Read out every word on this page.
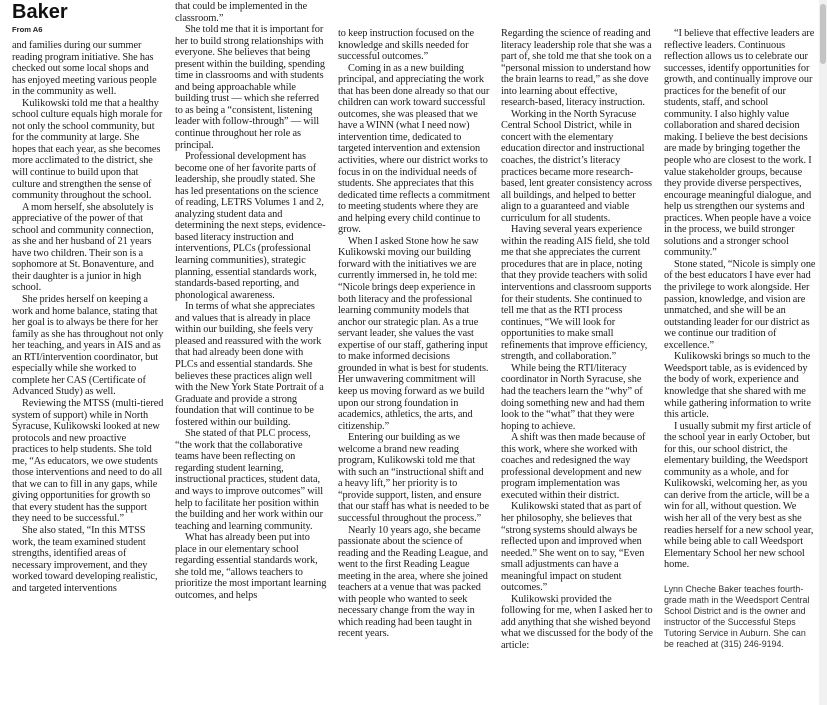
Baker
From A6

and families during our summer reading program initiative. She has checked out some local shops and has enjoyed meeting various people in the community as well.

Kulikowski told me that a healthy school culture equals high morale for not only the school community, but for the community at large. She hopes that each year, as she becomes more acclimated to the district, she will continue to build upon that culture and strengthen the sense of community throughout the school.

A mom herself, she absolutely is appreciative of the power of that school and community connection, as she and her husband of 21 years have two children. Their son is a sophomore at St. Bonaventure, and their daughter is a junior in high school.

She prides herself on keeping a work and home balance, stating that her goal is to always be there for her family as she has throughout not only her teaching, and years in AIS and as an RTI/intervention coordinator, but especially while she worked to complete her CAS (Certificate of Advanced Study) as well.

Reviewing the MTSS (multi-tiered system of support) while in North Syracuse, Kulikowski looked at new protocols and new proactive practices to help students. She told me, “As educators, we owe students those interventions and need to do all that we can to fill in any gaps, while giving opportunities for growth so that every student has the support they need to be successful.”

She also stated, “In this MTSS work, the team examined student strengths, identified areas of necessary improvement, and they worked toward developing realistic, and targeted interventions

that could be implemented in the classroom.”

She told me that it is important for her to build strong relationships with everyone. She believes that being present within the building, spending time in classrooms and with students and being approachable while building trust — which she referred to as being a “consistent, listening leader with follow-through” — will continue throughout her role as principal.

Professional development has become one of her favorite parts of leadership, she proudly stated. She has led presentations on the science of reading, LETRS Volumes 1 and 2, analyzing student data and determining the next steps, evidence-based literacy instruction and interventions, PLCs (professional learning communities), strategic planning, essential standards work, standards-based reporting, and phonological awareness.

In terms of what she appreciates and values that is already in place within our building, she feels very pleased and reassured with the work that had already been done with PLCs and essential standards. She believes these practices align well with the New York State Portrait of a Graduate and provide a strong foundation that will continue to be fostered within our building.

She stated of that PLC process, “the work that the collaborative teams have been reflecting on regarding student learning, instructional practices, student data, and ways to improve outcomes” will help to facilitate her position within the building and her work within our teaching and learning community.

What has already been put into place in our elementary school regarding essential standards work, she told me, “allows teachers to prioritize the most important learning outcomes, and helps

to keep instruction focused on the knowledge and skills needed for successful outcomes.”

Coming in as a new building principal, and appreciating the work that has been done already so that our children can work toward successful outcomes, she was pleased that we have a WINN (what I need now) intervention time, dedicated to targeted intervention and extension activities, where our district works to focus in on the individual needs of students. She appreciates that this dedicated time reflects a commitment to meeting students where they are and helping every child continue to grow.

When I asked Stone how he saw Kulikowski moving our building forward with the initiatives we are currently immersed in, he told me: “Nicole brings deep experience in both literacy and the professional learning community models that anchor our strategic plan. As a true servant leader, she values the vast expertise of our staff, gathering input to make informed decisions grounded in what is best for students. Her unwavering commitment will keep us moving forward as we build upon our strong foundation in academics, athletics, the arts, and citizenship.”

Entering our building as we welcome a brand new reading program, Kulikowski told me that with such an “instructional shift and a heavy lift,” her priority is to “provide support, listen, and ensure that our staff has what is needed to be successful throughout the process.”

Nearly 10 years ago, she became passionate about the science of reading and the Reading League, and went to the first Reading League meeting in the area, where she joined teachers at a venue that was packed with people who wanted to seek necessary change from the way in which reading had been taught in recent years.

Regarding the science of reading and literacy leadership role that she was a part of, she told me that she took on a “personal mission to understand how the brain learns to read,” as she dove into learning about effective, research-based, literacy instruction.

Working in the North Syracuse Central School District, while in concert with the elementary education director and instructional coaches, the district’s literacy practices became more research-based, lent greater consistency across all buildings, and helped to better align to a guaranteed and viable curriculum for all students.

Having several years experience within the reading AIS field, she told me that she appreciates the current procedures that are in place, noting that they provide teachers with solid interventions and classroom supports for their students. She continued to tell me that as the RTI process continues, “We will look for opportunities to make small refinements that improve efficiency, strength, and collaboration.”

While being the RTI/literacy coordinator in North Syracuse, she had the teachers learn the “why” of doing something new and had them look to the “what” that they were hoping to achieve.

A shift was then made because of this work, where she worked with coaches and redesigned the way professional development and new program implementation was executed within their district.

Kulikowski stated that as part of her philosophy, she believes that “strong systems should always be reflected upon and improved when needed.” She went on to say, “Even small adjustments can have a meaningful impact on student outcomes.”

Kulikowski provided the following for me, when I asked her to add anything that she wished beyond what we discussed for the body of the article:

“I believe that effective leaders are reflective leaders. Continuous reflection allows us to celebrate our successes, identify opportunities for growth, and continually improve our practices for the benefit of our students, staff, and school community. I also highly value collaboration and shared decision making. I believe the best decisions are made by bringing together the people who are closest to the work. I value stakeholder groups, because they provide diverse perspectives, encourage meaningful dialogue, and help us strengthen our systems and practices. When people have a voice in the process, we build stronger solutions and a stronger school community.”

Stone stated, “Nicole is simply one of the best educators I have ever had the privilege to work alongside. Her passion, knowledge, and vision are unmatched, and she will be an outstanding leader for our district as we continue our tradition of excellence.”

Kulikowski brings so much to the Weedsport table, as is evidenced by the body of work, experience and knowledge that she shared with me while gathering information to write this article.

I usually submit my first article of the school year in early October, but for this, our school district, the elementary building, the Weedsport community as a whole, and for Kulikowski, welcoming her, as you can derive from the article, will be a win for all, without question. We wish her all of the very best as she readies herself for a new school year, while being able to call Weedsport Elementary School her new school home.

Lynn Cheche Baker teaches fourth-grade math in the Weedsport Central School District and is the owner and instructor of the Successful Steps Tutoring Service in Auburn. She can be reached at (315) 246-9194.
